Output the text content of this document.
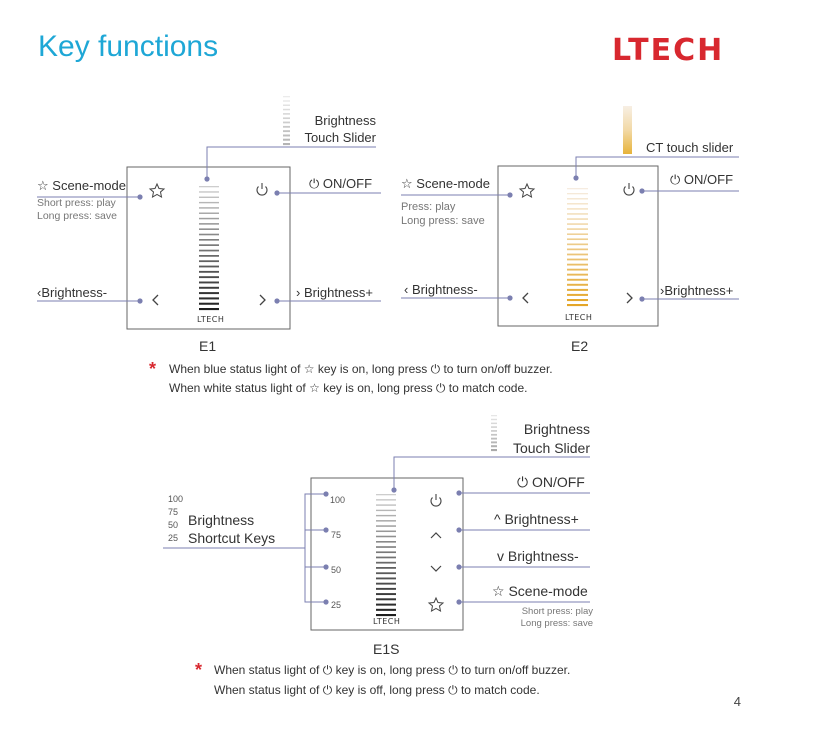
Key functions	LTECH
LTECH	LTECH
LTECH
100
75
50
25
100
75
50
25
Brightness
Touch Slider
☆ Scene-mode
Short press: play
Long press: save
⏻ ON/OFF
‹Brightness-	› Brightness+
E1
CT touch slider
☆ Scene-mode
Press: play
Long press: save
⏻ ON/OFF
‹ Brightness-	›Brightness+
E2
* When blue status light of ☆ key is on, long press ⏻ to turn on/off buzzer.
When white status light of ☆ key is on, long press ⏻ to match code.
Brightness
Touch Slider
Brightness
Shortcut Keys
⏻ ON/OFF
^ Brightness+
v Brightness-
☆ Scene-mode
Short press: play
Long press: save
E1S
* When status light of ⏻ key is on, long press ⏻ to turn on/off buzzer.
When status light of ⏻ key is off, long press ⏻ to match code.
4
